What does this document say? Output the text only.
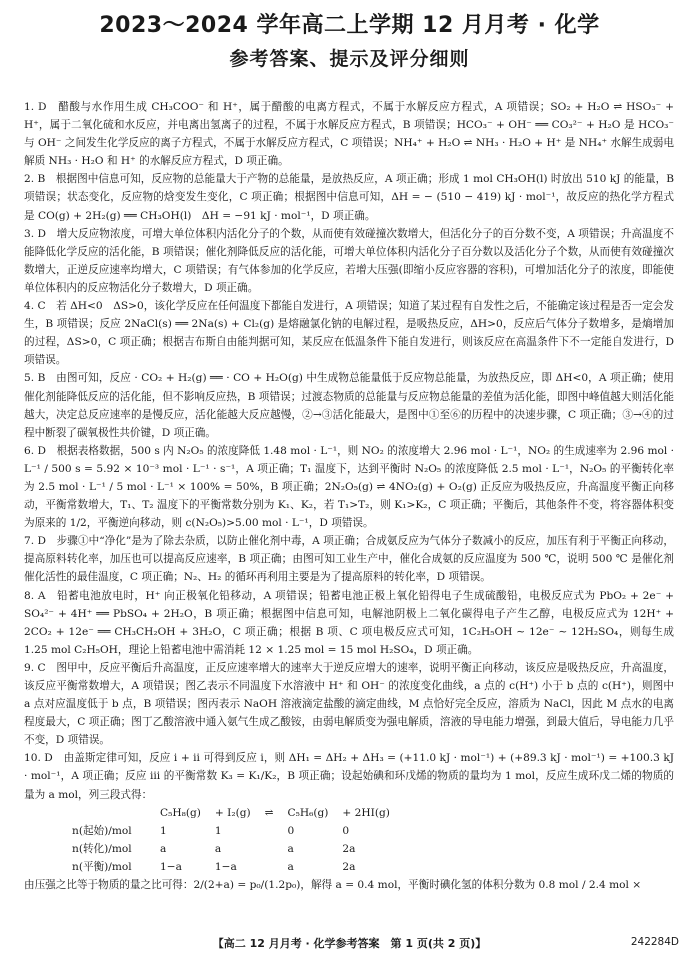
2023～2024 学年高二上学期 12 月月考 · 化学
参考答案、提示及评分细则

1. D　醋酸与水作用生成 CH₃COO⁻ 和 H⁺，属于醋酸的电离方程式，不属于水解反应方程式，A 项错误；SO₂ + H₂O ⇌ HSO₃⁻ + H⁺，属于二氧化硫和水反应，并电离出氢离子的过程，不属于水解反应方程式，B 项错误；HCO₃⁻ + OH⁻ ══ CO₃²⁻ + H₂O 是 HCO₃⁻ 与 OH⁻ 之间发生化学反应的离子方程式，不属于水解反应方程式，C 项错误；NH₄⁺ + H₂O ⇌ NH₃ · H₂O + H⁺ 是 NH₄⁺ 水解生成弱电解质 NH₃ · H₂O 和 H⁺ 的水解反应方程式，D 项正确。

2. B　根据图中信息可知，反应物的总能量大于产物的总能量，是放热反应，A 项正确；形成 1 mol CH₃OH(l) 时放出 510 kJ 的能量，B 项错误；状态变化，反应物的焓变发生变化，C 项正确；根据图中信息可知，ΔH = − (510 − 419) kJ · mol⁻¹，故反应的热化学方程式是 CO(g) + 2H₂(g) ══ CH₃OH(l)　ΔH = −91 kJ · mol⁻¹，D 项正确。

3. D　增大反应物浓度，可增大单位体积内活化分子的个数，从而使有效碰撞次数增大，但活化分子的百分数不变，A 项错误；升高温度不能降低化学反应的活化能，B 项错误；催化剂降低反应的活化能，可增大单位体积内活化分子百分数以及活化分子个数，从而使有效碰撞次数增大，正逆反应速率均增大，C 项错误；有气体参加的化学反应，若增大压强(即缩小反应容器的容积)，可增加活化分子的浓度，即能使单位体积内的反应物活化分子数增大，D 项正确。

4. C　若 ΔH<0　ΔS>0，该化学反应在任何温度下都能自发进行，A 项错误；知道了某过程有自发性之后，不能确定该过程是否一定会发生，B 项错误；反应 2NaCl(s) ══ 2Na(s) + Cl₂(g) 是熔融氯化钠的电解过程，是吸热反应，ΔH>0，反应后气体分子数增多，是熵增加的过程，ΔS>0，C 项正确；根据吉布斯自由能判据可知，某反应在低温条件下能自发进行，则该反应在高温条件下不一定能自发进行，D 项错误。

5. B　由图可知，反应 · CO₂ + H₂(g) ══ · CO + H₂O(g) 中生成物总能量低于反应物总能量，为放热反应，即 ΔH<0，A 项正确；使用催化剂能降低反应的活化能，但不影响反应热，B 项错误；过渡态物质的总能量与反应物总能量的差值为活化能，即图中峰值越大则活化能越大，决定总反应速率的是慢反应，活化能越大反应越慢，②→③活化能最大，是图中①至⑥的历程中的决速步骤，C 项正确；③→④的过程中断裂了碳氧极性共价键，D 项正确。

6. D　根据表格数据，500 s 内 N₂O₅ 的浓度降低 1.48 mol · L⁻¹，则 NO₂ 的浓度增大 2.96 mol · L⁻¹，NO₂ 的生成速率为 2.96 mol · L⁻¹ / 500 s = 5.92 × 10⁻³ mol · L⁻¹ · s⁻¹，A 项正确；T₁ 温度下，达到平衡时 N₂O₅ 的浓度降低 2.5 mol · L⁻¹，N₂O₅ 的平衡转化率为 2.5 mol · L⁻¹ / 5 mol · L⁻¹ × 100% = 50%，B 项正确；2N₂O₅(g) ⇌ 4NO₂(g) + O₂(g) 正反应为吸热反应，升高温度平衡正向移动，平衡常数增大，T₁、T₂ 温度下的平衡常数分别为 K₁、K₂，若 T₁>T₂，则 K₁>K₂，C 项正确；平衡后，其他条件不变，将容器体积变为原来的 1/2，平衡逆向移动，则 c(N₂O₅)>5.00 mol · L⁻¹，D 项错误。

7. D　步骤①中“净化”是为了除去杂质，以防止催化剂中毒，A 项正确；合成氨反应为气体分子数减小的反应，加压有利于平衡正向移动，提高原料转化率，加压也可以提高反应速率，B 项正确；由图可知工业生产中，催化合成氨的反应温度为 500 ℃，说明 500 ℃ 是催化剂催化活性的最佳温度，C 项正确；N₂、H₂ 的循环再利用主要是为了提高原料的转化率，D 项错误。

8. A　铅蓄电池放电时，H⁺ 向正极氧化铅移动，A 项错误；铅蓄电池正极上氧化铅得电子生成硫酸铅，电极反应式为 PbO₂ + 2e⁻ + SO₄²⁻ + 4H⁺ ══ PbSO₄ + 2H₂O，B 项正确；根据图中信息可知，电解池阴极上二氧化碳得电子产生乙醇，电极反应式为 12H⁺ + 2CO₂ + 12e⁻ ══ CH₃CH₂OH + 3H₂O，C 项正确；根据 B 项、C 项电极反应式可知，1C₂H₅OH ∼ 12e⁻ ∼ 12H₂SO₄，则每生成 1.25 mol C₂H₅OH，理论上铅蓄电池中需消耗 12 × 1.25 mol = 15 mol H₂SO₄，D 项正确。

9. C　图甲中，反应平衡后升高温度，正反应速率增大的速率大于逆反应增大的速率，说明平衡正向移动，该反应是吸热反应，升高温度，该反应平衡常数增大，A 项错误；图乙表示不同温度下水溶液中 H⁺ 和 OH⁻ 的浓度变化曲线，a 点的 c(H⁺) 小于 b 点的 c(H⁺)，则图中 a 点对应温度低于 b 点，B 项错误；图丙表示 NaOH 溶液滴定盐酸的滴定曲线，M 点恰好完全反应，溶质为 NaCl，因此 M 点水的电离程度最大，C 项正确；图丁乙酸溶液中通入氨气生成乙酸铵，由弱电解质变为强电解质，溶液的导电能力增强，到最大值后，导电能力几乎不变，D 项错误。

10. D　由盖斯定律可知，反应 ⅰ + ⅱ 可得到反应 ⅰ，则 ΔH₁ = ΔH₂ + ΔH₃ = (+11.0 kJ · mol⁻¹) + (+89.3 kJ · mol⁻¹) = +100.3 kJ · mol⁻¹，A 项正确；反应 ⅲ 的平衡常数 K₃ = K₁/K₂，B 项正确；设起始碘和环戊烯的物质的量均为 1 mol，反应生成环戊二烯的物质的量为 a mol，列三段式得：

	C₅H₈(g)	+ I₂(g)	⇌	C₅H₆(g)	+ 2HI(g)
n(起始)/mol	1	1		0	0
n(转化)/mol	a	a		a	2a
n(平衡)/mol	1−a	1−a		a	2a

由压强之比等于物质的量之比可得：2/(2+a) = p₀/(1.2p₀)，解得 a = 0.4 mol，平衡时碘化氢的体积分数为 0.8 mol / 2.4 mol ×

【高二 12 月月考 · 化学参考答案　第 1 页(共 2 页)】	242284D
